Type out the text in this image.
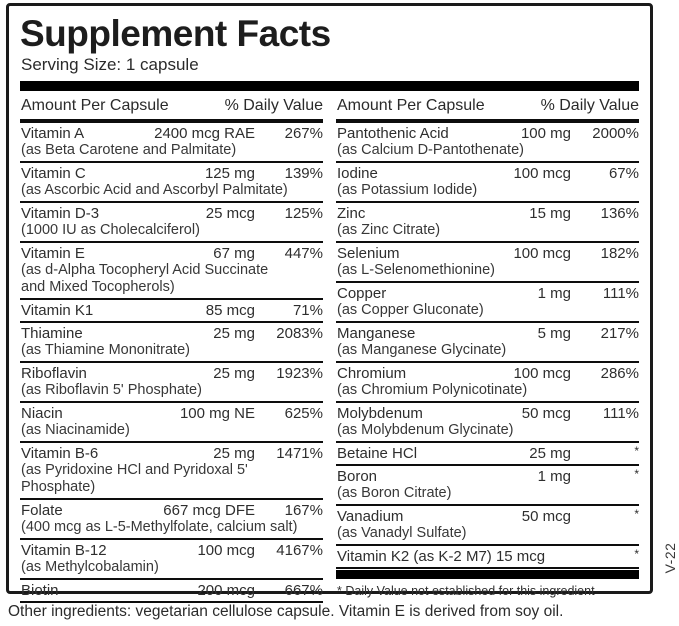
Supplement Facts
Serving Size: 1 capsule
Amount Per Capsule	% Daily Value
Vitamin A	2400 mcg RAE	267%
(as Beta Carotene and Palmitate)
Vitamin C	125 mg	139%
(as Ascorbic Acid and Ascorbyl Palmitate)
Vitamin D-3	25 mcg	125%
(1000 IU as Cholecalciferol)
Vitamin E	67 mg	447%
(as d-Alpha Tocopheryl Acid Succinate
and Mixed Tocopherols)
Vitamin K1	85 mcg	71%
Thiamine	25 mg	2083%
(as Thiamine Mononitrate)
Riboflavin	25 mg	1923%
(as Riboflavin 5' Phosphate)
Niacin	100 mg NE	625%
(as Niacinamide)
Vitamin B-6	25 mg	1471%
(as Pyridoxine HCl and Pyridoxal 5'
Phosphate)
Folate	667 mcg DFE	167%
(400 mcg as L-5-Methylfolate, calcium salt)
Vitamin B-12	100 mcg	4167%
(as Methylcobalamin)
Biotin	200 mcg	667%
Amount Per Capsule	% Daily Value
Pantothenic Acid	100 mg	2000%
(as Calcium D-Pantothenate)
Iodine	100 mcg	67%
(as Potassium Iodide)
Zinc	15 mg	136%
(as Zinc Citrate)
Selenium	100 mcg	182%
(as L-Selenomethionine)
Copper	1 mg	111%
(as Copper Gluconate)
Manganese	5 mg	217%
(as Manganese Glycinate)
Chromium	100 mcg	286%
(as Chromium Polynicotinate)
Molybdenum	50 mcg	111%
(as Molybdenum Glycinate)
Betaine HCl	25 mg	*
Boron	1 mg	*
(as Boron Citrate)
Vanadium	50 mcg	*
(as Vanadyl Sulfate)
Vitamin K2 (as K-2 M7) 15 mcg	*
* Daily Value not established for this ingredient
Other ingredients: vegetarian cellulose capsule. Vitamin E is derived from soy oil.
V-22
